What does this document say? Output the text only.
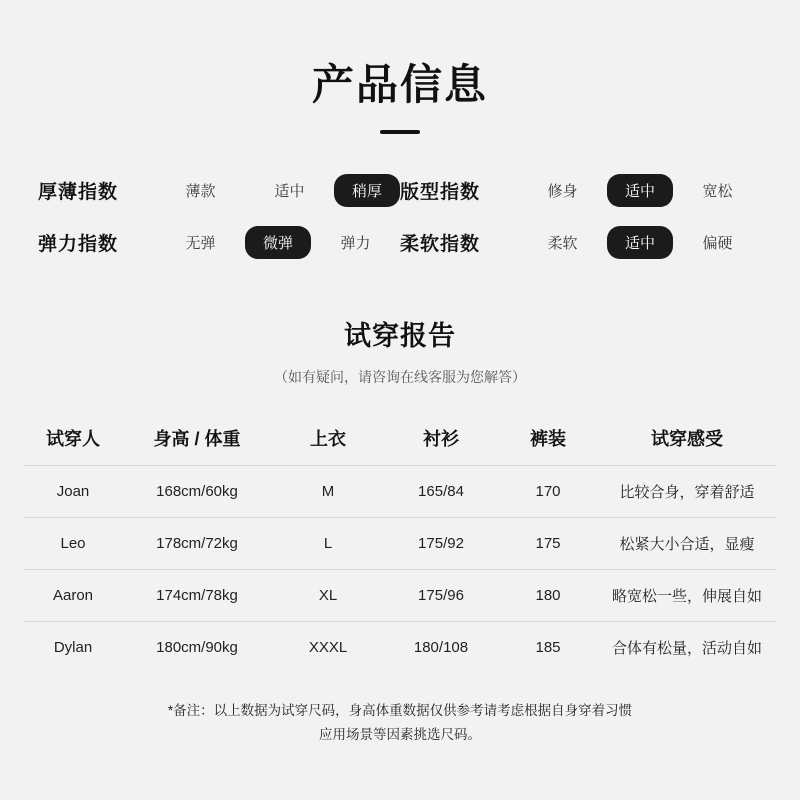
产品信息
厚薄指数	薄款	适中	稍厚 版型指数	修身	适中	宽松
弹力指数	无弹	微弹	弹力	柔软指数	柔软	适中	偏硬
试穿报告
（如有疑问，请咨询在线客服为您解答）
试穿人	身高 / 体重	上衣	衬衫	裤装	试穿感受
Joan	168cm/60kg	M	165/84	170	比较合身，穿着舒适
Leo	178cm/72kg	L	175/92	175	松紧大小合适，显瘦
Aaron	174cm/78kg	XL	175/96	180	略宽松一些，伸展自如
Dylan	180cm/90kg	XXXL	180/108	185	合体有松量，活动自如
*备注：以上数据为试穿尺码，身高体重数据仅供参考请考虑根据自身穿着习惯
应用场景等因素挑选尺码。
